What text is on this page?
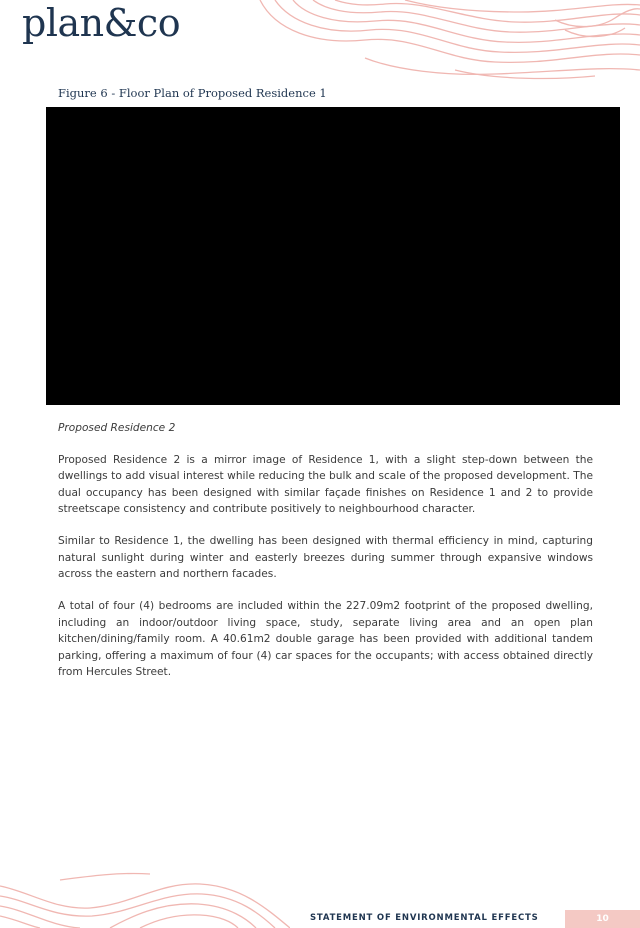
plan&co
Figure 6 - Floor Plan of Proposed Residence 1

Proposed Residence 2

Proposed Residence 2 is a mirror image of Residence 1, with a slight step-down between the dwellings to add visual interest while reducing the bulk and scale of the proposed development. The dual occupancy has been designed with similar façade finishes on Residence 1 and 2 to provide streetscape consistency and contribute positively to neighbourhood character.

Similar to Residence 1, the dwelling has been designed with thermal efficiency in mind, capturing natural sunlight during winter and easterly breezes during summer through expansive windows across the eastern and northern facades.

A total of four (4) bedrooms are included within the 227.09m2 footprint of the proposed dwelling, including an indoor/outdoor living space, study, separate living area and an open plan kitchen/dining/family room. A 40.61m2 double garage has been provided with additional tandem parking, offering a maximum of four (4) car spaces for the occupants; with access obtained directly from Hercules Street.

STATEMENT OF ENVIRONMENTAL EFFECTS	10
